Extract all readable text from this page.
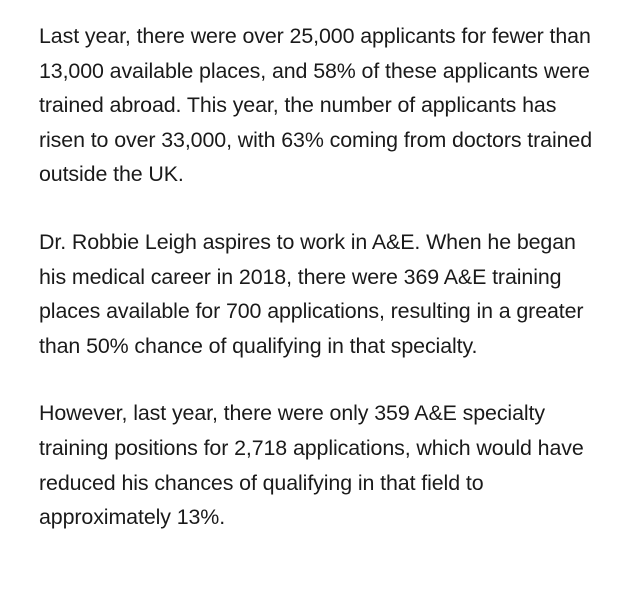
Last year, there were over 25,000 applicants for fewer than 13,000 available places, and 58% of these applicants were trained abroad. This year, the number of applicants has risen to over 33,000, with 63% coming from doctors trained outside the UK.

Dr. Robbie Leigh aspires to work in A&E. When he began his medical career in 2018, there were 369 A&E training places available for 700 applications, resulting in a greater than 50% chance of qualifying in that specialty.

However, last year, there were only 359 A&E specialty training positions for 2,718 applications, which would have reduced his chances of qualifying in that field to approximately 13%.
